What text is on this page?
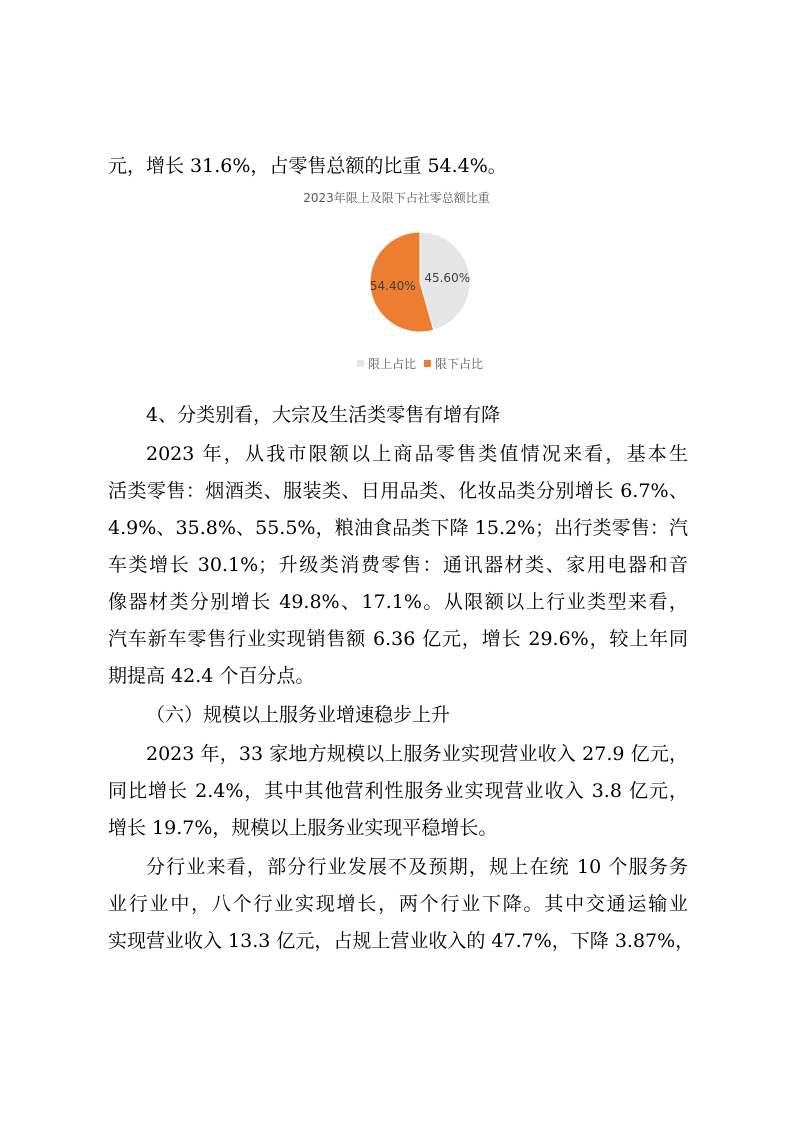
元，增长 31.6%，占零售总额的比重 54.4%。
2023年限上及限下占社零总额比重
45.60%
54.40%
限上占比 限下占比
4、分类别看，大宗及生活类零售有增有降
2023 年，从我市限额以上商品零售类值情况来看，基本生
活类零售：烟酒类、服装类、日用品类、化妆品类分别增长 6.7%、
4.9%、35.8%、55.5%，粮油食品类下降 15.2%；出行类零售：汽
车类增长 30.1%；升级类消费零售：通讯器材类、家用电器和音
像器材类分别增长 49.8%、17.1%。从限额以上行业类型来看，
汽车新车零售行业实现销售额 6.36 亿元，增长 29.6%，较上年同
期提高 42.4 个百分点。
（六）规模以上服务业增速稳步上升
2023 年，33 家地方规模以上服务业实现营业收入 27.9 亿元，
同比增长 2.4%，其中其他营利性服务业实现营业收入 3.8 亿元，
增长 19.7%，规模以上服务业实现平稳增长。
分行业来看，部分行业发展不及预期，规上在统 10 个服务务
业行业中，八个行业实现增长，两个行业下降。其中交通运输业
实现营业收入 13.3 亿元，占规上营业收入的 47.7%，下降 3.87%，
